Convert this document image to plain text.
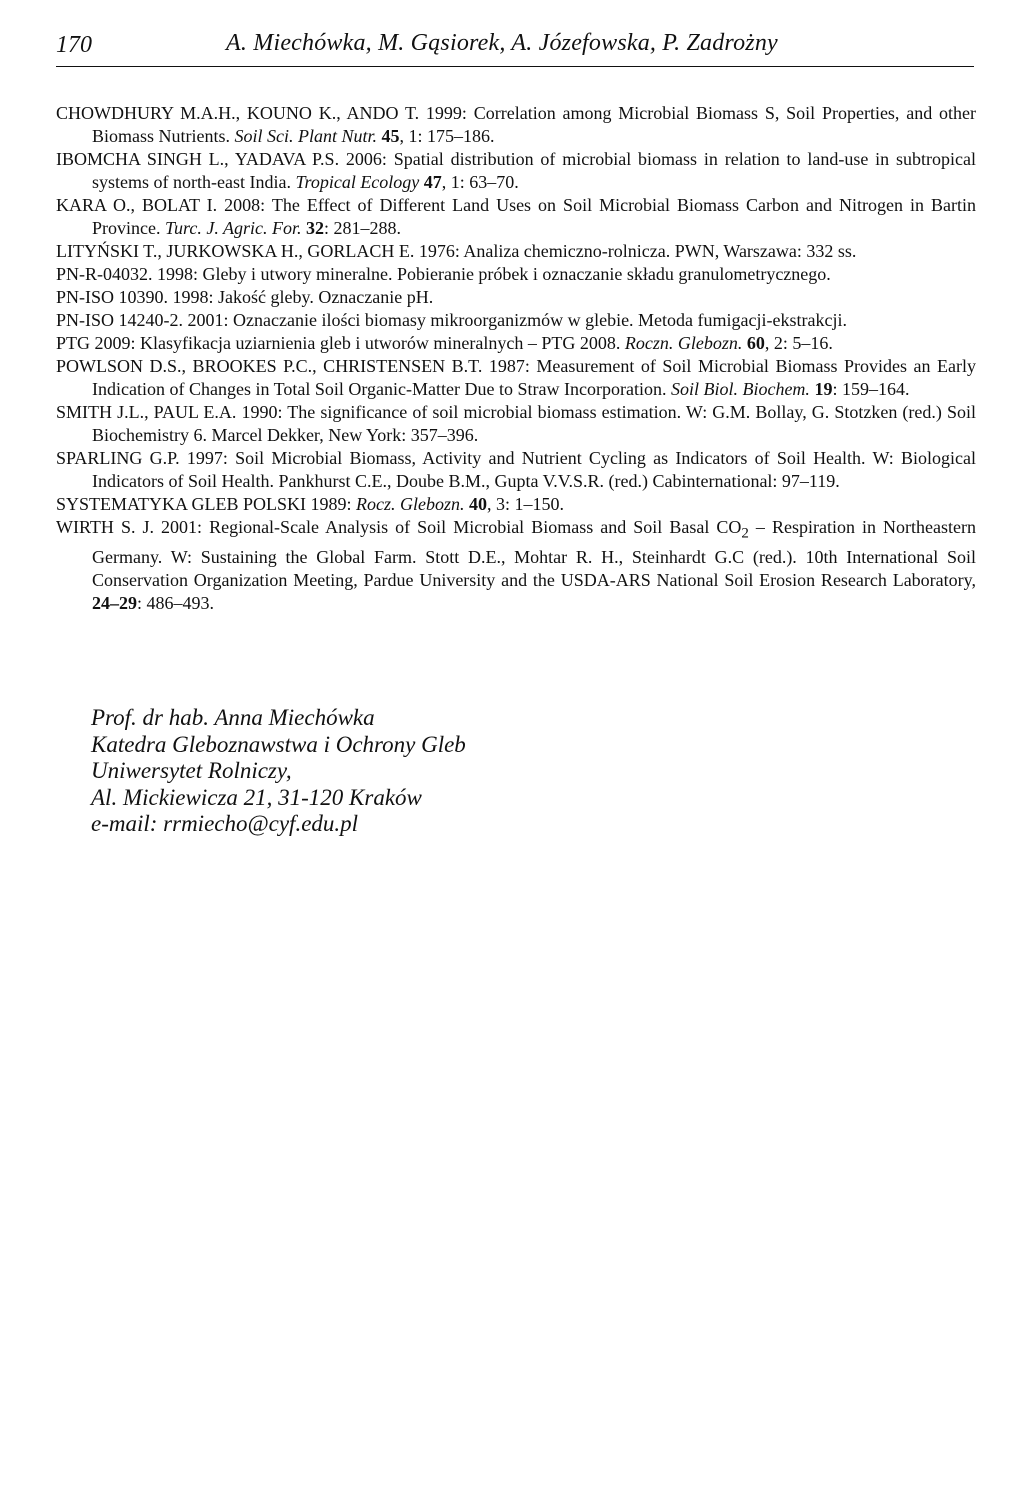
170	A. Miechówka, M. Gąsiorek, A. Józefowska, P. Zadrożny

CHOWDHURY M.A.H., KOUNO K., ANDO T. 1999: Correlation among Microbial Biomass S, Soil Properties, and other Biomass Nutrients. Soil Sci. Plant Nutr. 45, 1: 175–186.

IBOMCHA SINGH L., YADAVA P.S. 2006: Spatial distribution of microbial biomass in relation to land-use in subtropical systems of north-east India. Tropical Ecology 47, 1: 63–70.

KARA O., BOLAT I. 2008: The Effect of Different Land Uses on Soil Microbial Biomass Carbon and Nitrogen in Bartin Province. Turc. J. Agric. For. 32: 281–288.

LITYŃSKI T., JURKOWSKA H., GORLACH E. 1976: Analiza chemiczno-rolnicza. PWN, Warszawa: 332 ss.

PN-R-04032. 1998: Gleby i utwory mineralne. Pobieranie próbek i oznaczanie składu granulometrycznego.

PN-ISO 10390. 1998: Jakość gleby. Oznaczanie pH.

PN-ISO 14240-2. 2001: Oznaczanie ilości biomasy mikroorganizmów w glebie. Metoda fumigacji-ekstrakcji.

PTG 2009: Klasyfikacja uziarnienia gleb i utworów mineralnych – PTG 2008. Roczn. Glebozn. 60, 2: 5–16.

POWLSON D.S., BROOKES P.C., CHRISTENSEN B.T. 1987: Measurement of Soil Microbial Biomass Provides an Early Indication of Changes in Total Soil Organic-Matter Due to Straw Incorporation. Soil Biol. Biochem. 19: 159–164.

SMITH J.L., PAUL E.A. 1990: The significance of soil microbial biomass estimation. W: G.M. Bollay, G. Stotzken (red.) Soil Biochemistry 6. Marcel Dekker, New York: 357–396.

SPARLING G.P. 1997: Soil Microbial Biomass, Activity and Nutrient Cycling as Indicators of Soil Health. W: Biological Indicators of Soil Health. Pankhurst C.E., Doube B.M., Gupta V.V.S.R. (red.) Cabinternational: 97–119.

SYSTEMATYKA GLEB POLSKI 1989: Rocz. Glebozn. 40, 3: 1–150.

WIRTH S. J. 2001: Regional-Scale Analysis of Soil Microbial Biomass and Soil Basal $CO_2$ – Respiration in Northeastern Germany. W: Sustaining the Global Farm. Stott D.E., Mohtar R. H., Steinhardt G.C (red.). 10th International Soil Conservation Organization Meeting, Pardue University and the USDA-ARS National Soil Erosion Research Laboratory, 24–29: 486–493.

Prof. dr hab. Anna Miechówka
Katedra Gleboznawstwa i Ochrony Gleb
Uniwersytet Rolniczy,
Al. Mickiewicza 21, 31-120 Kraków
e-mail: rrmiecho@cyf.edu.pl
